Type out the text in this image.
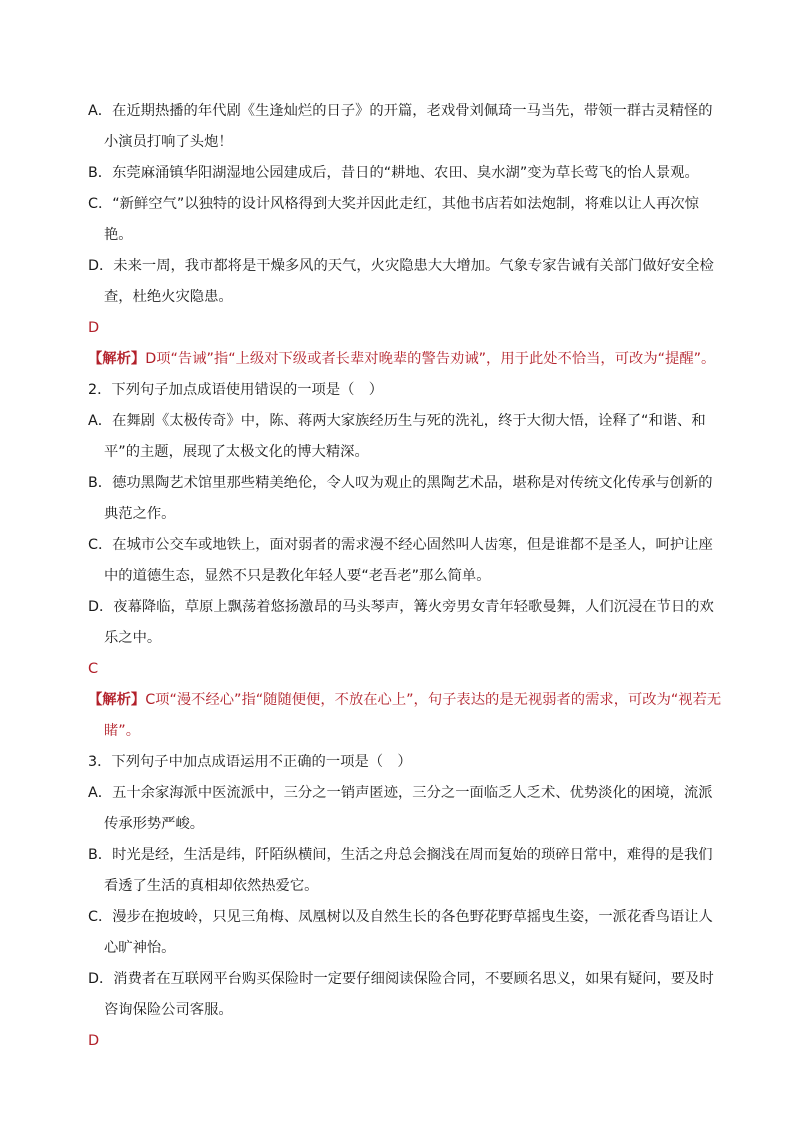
A．在近期热播的年代剧《生逢灿烂的日子》的开篇，老戏骨刘佩琦一马当先，带领一群古灵精怪的小演员打响了头炮！

B．东莞麻涌镇华阳湖湿地公园建成后，昔日的“耕地、农田、臭水湖”变为草长莺飞的怡人景观。

C．“新鲜空气”以独特的设计风格得到大奖并因此走红，其他书店若如法炮制，将难以让人再次惊艳。

D．未来一周，我市都将是干燥多风的天气，火灾隐患大大增加。气象专家告诫有关部门做好安全检查，杜绝火灾隐患。

D

【解析】D项“告诫”指“上级对下级或者长辈对晚辈的警告劝诫”，用于此处不恰当，可改为“提醒”。

2．下列句子加点成语使用错误的一项是（　）

A．在舞剧《太极传奇》中，陈、蒋两大家族经历生与死的洗礼，终于大彻大悟，诠释了“和谐、和平”的主题，展现了太极文化的博大精深。

B．德功黑陶艺术馆里那些精美绝伦，令人叹为观止的黑陶艺术品，堪称是对传统文化传承与创新的典范之作。

C．在城市公交车或地铁上，面对弱者的需求漫不经心固然叫人齿寒，但是谁都不是圣人，呵护让座中的道德生态，显然不只是教化年轻人要“老吾老”那么简单。

D．夜幕降临，草原上飘荡着悠扬激昂的马头琴声，篝火旁男女青年轻歌曼舞，人们沉浸在节日的欢乐之中。

C

【解析】C项“漫不经心”指“随随便便，不放在心上”，句子表达的是无视弱者的需求，可改为“视若无睹”。

3．下列句子中加点成语运用不正确的一项是（　）

A．五十余家海派中医流派中，三分之一销声匿迹，三分之一面临乏人乏术、优势淡化的困境，流派传承形势严峻。

B．时光是经，生活是纬，阡陌纵横间，生活之舟总会搁浅在周而复始的琐碎日常中，难得的是我们看透了生活的真相却依然热爱它。

C．漫步在抱坡岭，只见三角梅、凤凰树以及自然生长的各色野花野草摇曳生姿，一派花香鸟语让人心旷神怡。

D．消费者在互联网平台购买保险时一定要仔细阅读保险合同，不要顾名思义，如果有疑问，要及时咨询保险公司客服。

D
